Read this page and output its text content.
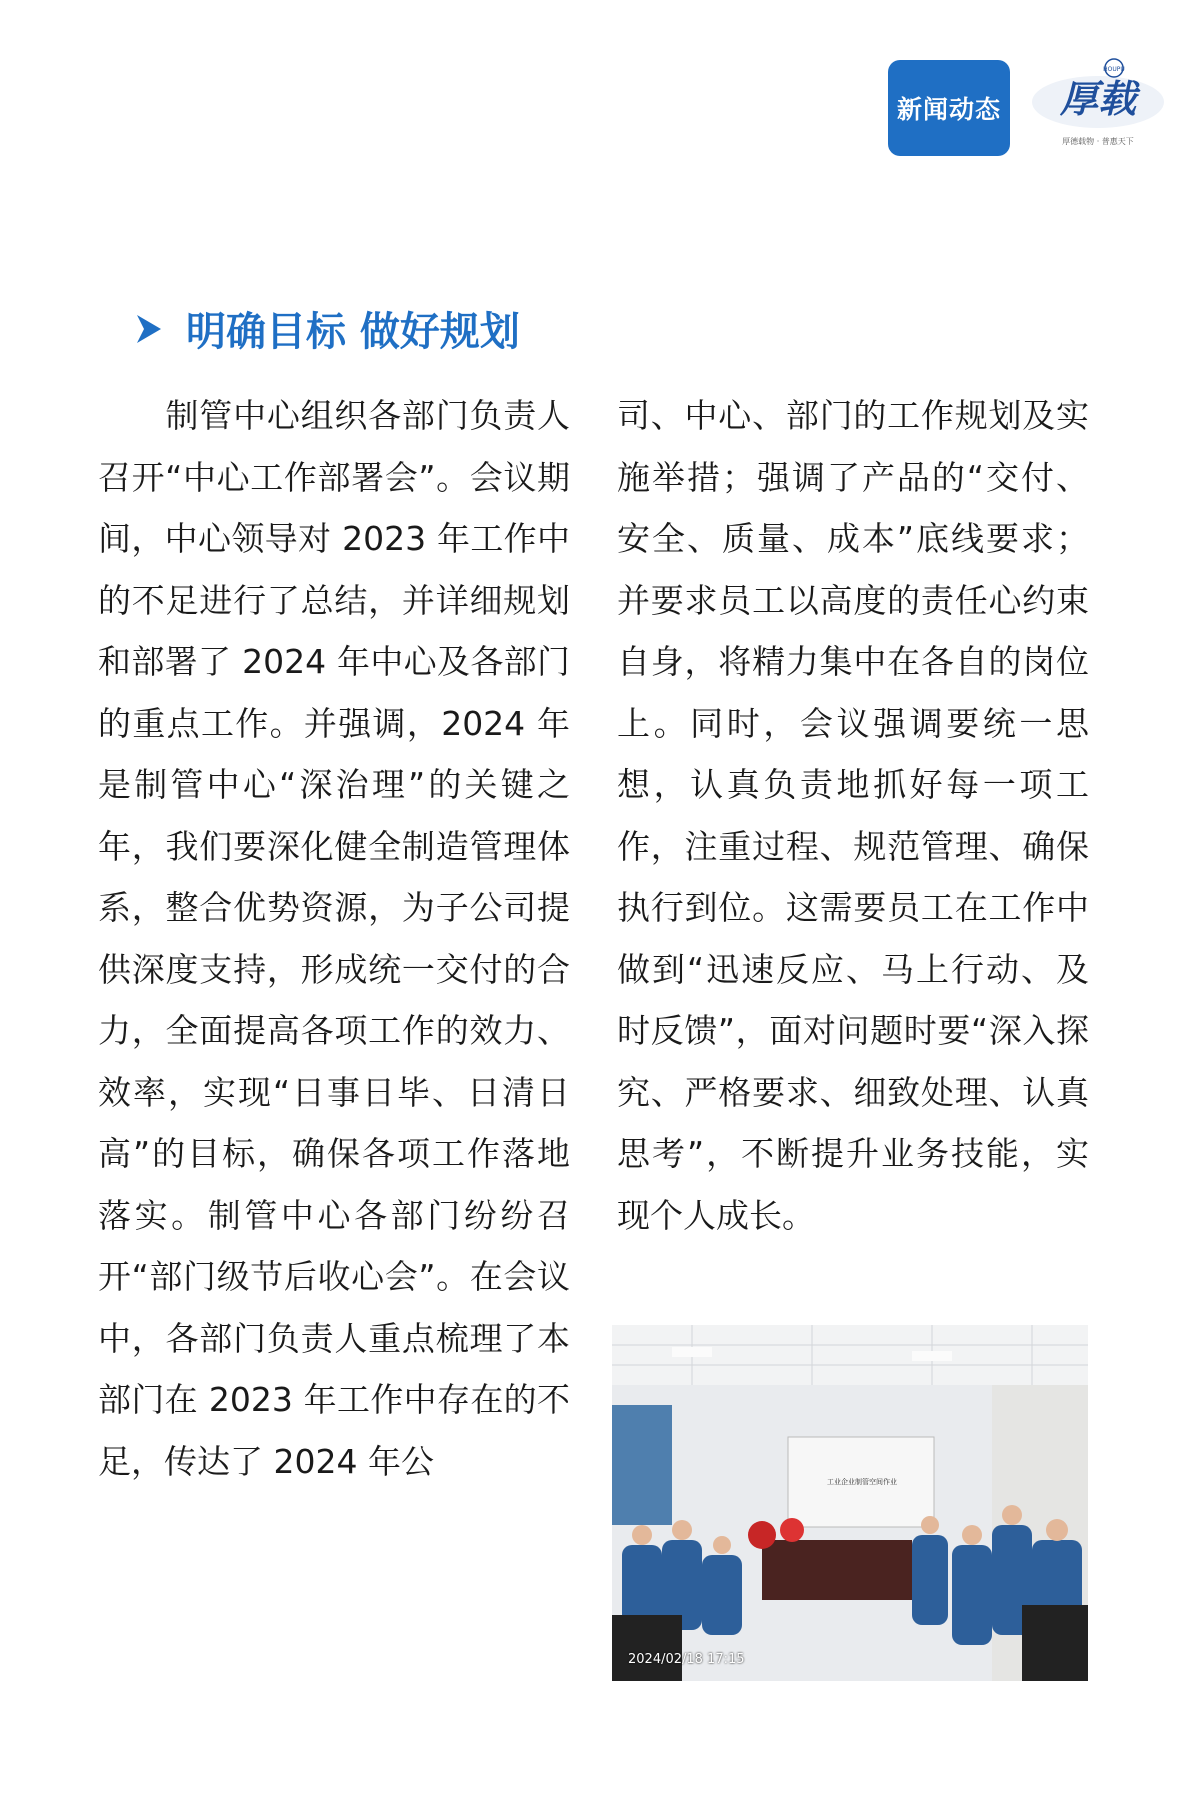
新闻动态
HOUPU
厚载
厚德载物 · 普惠天下
明确目标 做好规划
　　制管中心组织各部门负责人召开“中心工作部署会”。会议期间，中心领导对 2023 年工作中的不足进行了总结，并详细规划和部署了 2024 年中心及各部门的重点工作。并强调，2024 年是制管中心“深治理”的关键之年，我们要深化健全制造管理体系，整合优势资源，为子公司提供深度支持，形成统一交付的合力，全面提高各项工作的效力、效率，实现“日事日毕、日清日高”的目标，确保各项工作落地落实。制管中心各部门纷纷召开“部门级节后收心会”。在会议中，各部门负责人重点梳理了本部门在 2023 年工作中存在的不足，传达了 2024 年公
司、中心、部门的工作规划及实施举措；强调了产品的“交付、安全、质量、成本”底线要求；并要求员工以高度的责任心约束自身，将精力集中在各自的岗位上。同时，会议强调要统一思想，认真负责地抓好每一项工作，注重过程、规范管理、确保执行到位。这需要员工在工作中做到“迅速反应、马上行动、及时反馈”，面对问题时要“深入探究、严格要求、细致处理、认真思考”，不断提升业务技能，实现个人成长。
工业企业制管空间作业
2024/02/18 17:15
